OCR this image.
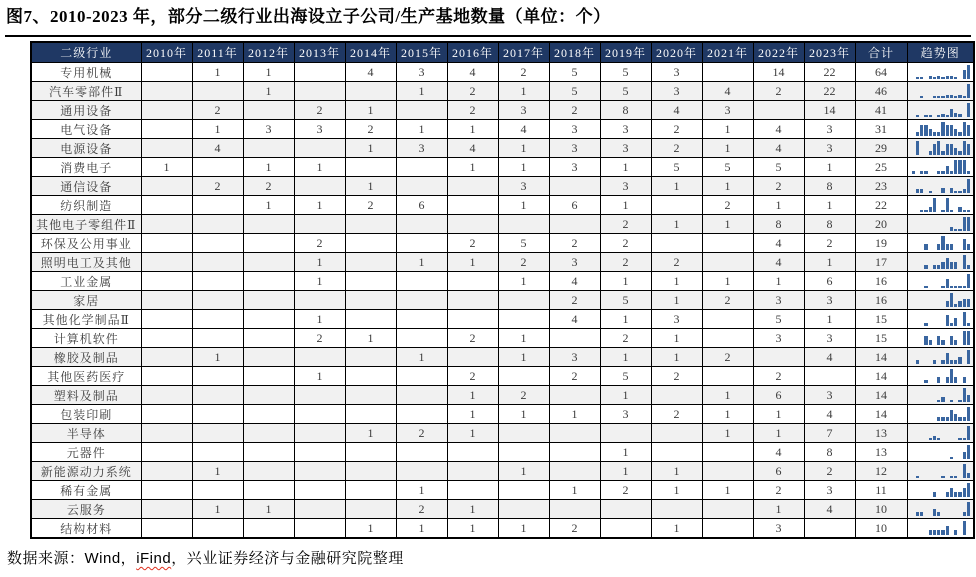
图7、2010-2023 年，部分二级行业出海设立子公司/生产基地数量（单位：个）
二级行业	2010年	2011年	2012年	2013年	2014年	2015年	2016年	2017年	2018年	2019年	2020年	2021年	2022年	2023年	合计	趋势图
专用机械		1	1		4	3	4	2	5	5	3		14	22	64	

汽车零部件Ⅱ			1			1	2	1	5	5	3	4	2	22	46	

通用设备		2		2	1		2	3	2	8	4	3		14	41	

电气设备		1	3	3	2	1	1	4	3	3	2	1	4	3	31	

电源设备		4			1	3	4	1	3	3	2	1	4	3	29	

消费电子	1		1	1			1	1	3	1	5	5	5	1	25	

通信设备		2	2		1			3		3	1	1	2	8	23	

纺织制造			1	1	2	6		1	6	1		2	1	1	22	

其他电子零组件Ⅱ										2	1	1	8	8	20	

环保及公用事业				2			2	5	2	2			4	2	19	

照明电工及其他				1		1	1	2	3	2	2		4	1	17	

工业金属				1				1	4	1	1	1	1	6	16	

家居									2	5	1	2	3	3	16	

其他化学制品Ⅱ				1					4	1	3		5	1	15	

计算机软件				2	1		2	1		2	1		3	3	15	

橡胶及制品		1				1		1	3	1	1	2		4	14	

其他医药医疗				1			2		2	5	2		2		14	

塑料及制品							1	2		1		1	6	3	14	

包装印刷							1	1	1	3	2	1	1	4	14	

半导体					1	2	1					1	1	7	13	

元器件										1			4	8	13	

新能源动力系统		1						1		1	1		6	2	12	

稀有金属						1			1	2	1	1	2	3	11	

云服务		1	1			2	1						1	4	10	

结构材料					1	1	1	1	2		1		3		10	
数据来源：Wind，iFind，兴业证券经济与金融研究院整理
